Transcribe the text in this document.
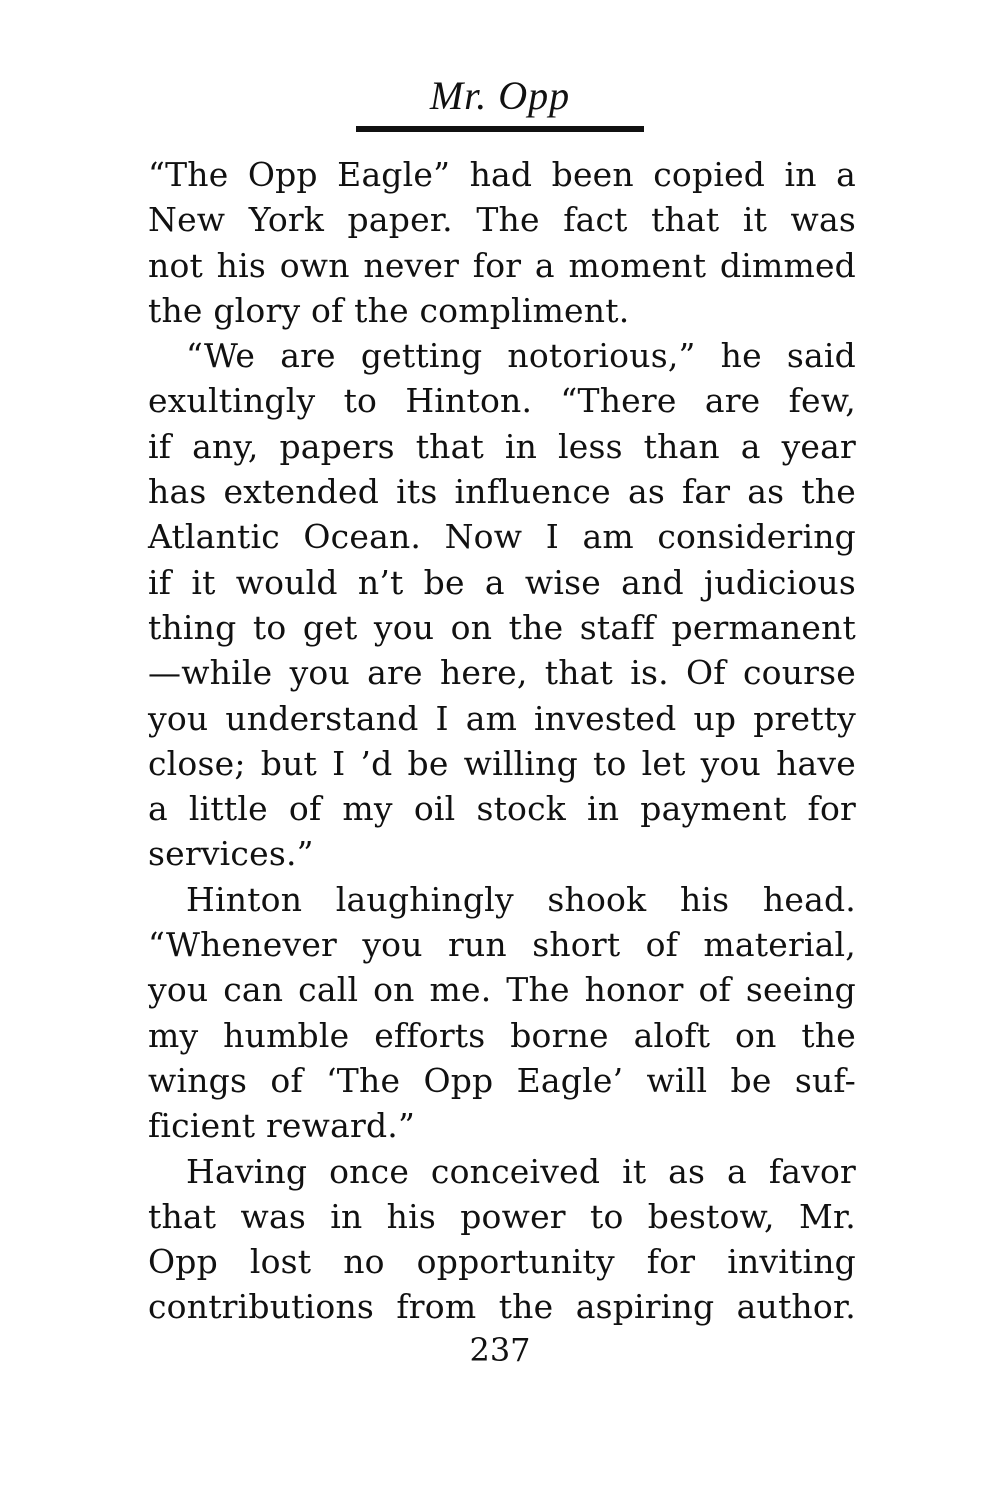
Mr. Opp
“The Opp Eagle” had been copied in a
New York paper. The fact that it was
not his own never for a moment dimmed
the glory of the compliment.
“We are getting notorious,” he said
exultingly to Hinton. “There are few,
if any, papers that in less than a year
has extended its influence as far as the
Atlantic Ocean. Now I am considering
if it would n’t be a wise and judicious
thing to get you on the staff permanent
—while you are here, that is. Of course
you understand I am invested up pretty
close; but I ’d be willing to let you have
a little of my oil stock in payment for
services.”
Hinton laughingly shook his head.
“Whenever you run short of material,
you can call on me. The honor of seeing
my humble efforts borne aloft on the
wings of ‘The Opp Eagle’ will be suf-
ficient reward.”
Having once conceived it as a favor
that was in his power to bestow, Mr.
Opp lost no opportunity for inviting
contributions from the aspiring author.
237
